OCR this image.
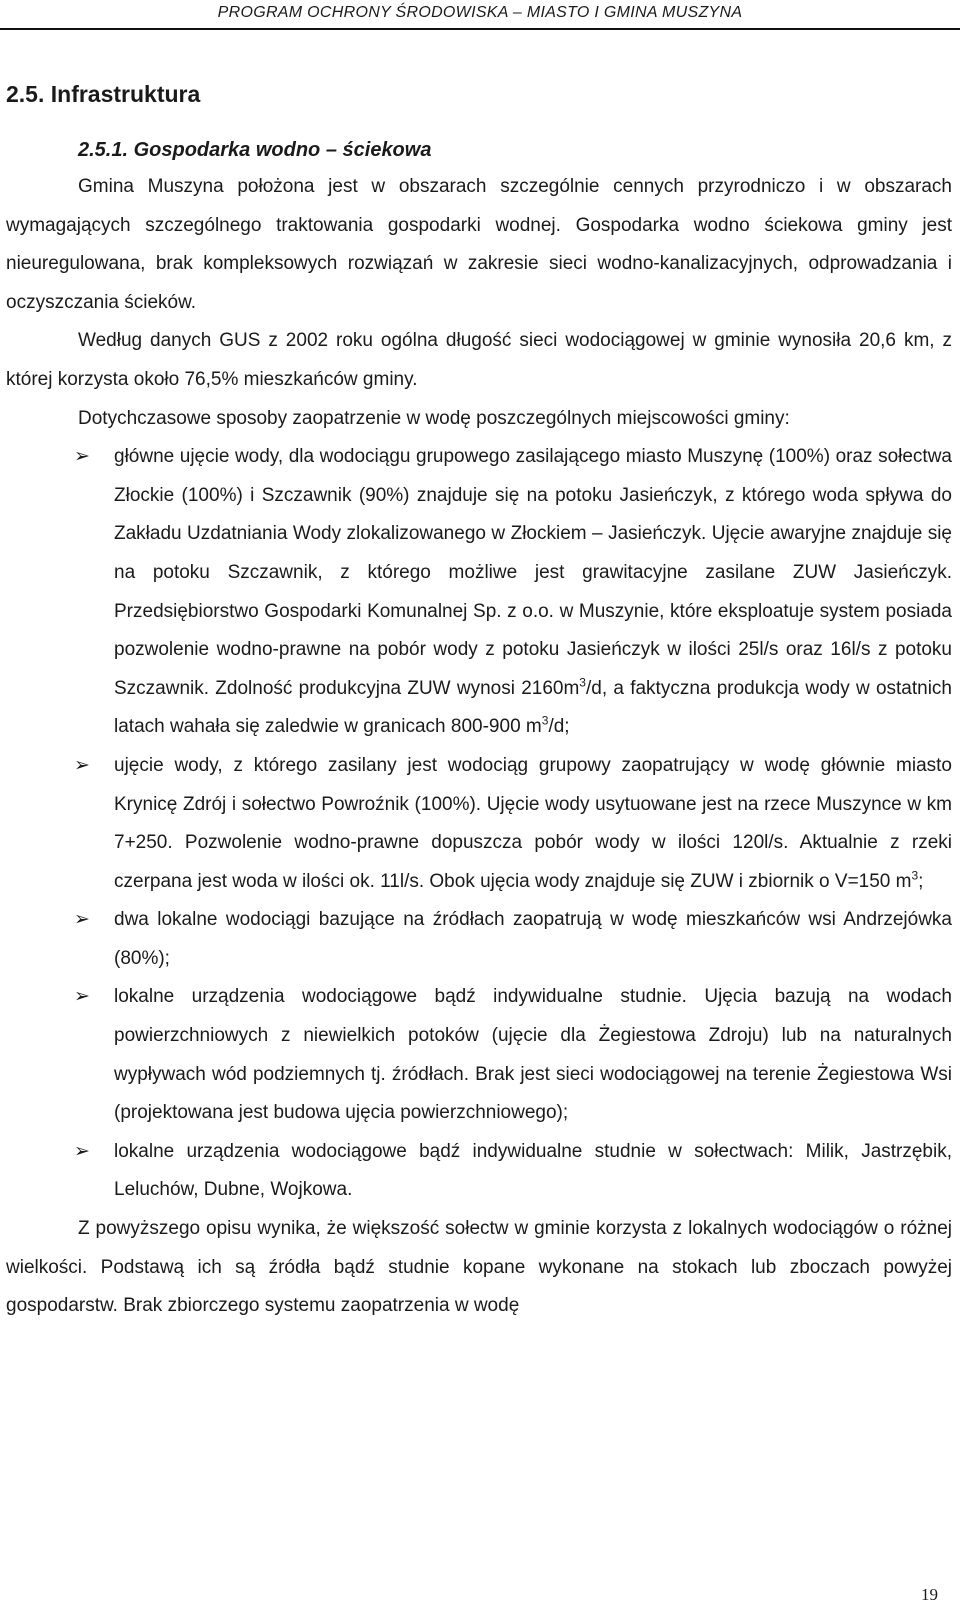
PROGRAM OCHRONY ŚRODOWISKA – MIASTO I GMINA MUSZYNA
2.5. Infrastruktura
2.5.1. Gospodarka wodno – ściekowa

Gmina Muszyna położona jest w obszarach szczególnie cennych przyrodniczo i w obszarach wymagających szczególnego traktowania gospodarki wodnej. Gospodarka wodno ściekowa gminy jest nieuregulowana, brak kompleksowych rozwiązań w zakresie sieci wodno-kanalizacyjnych, odprowadzania i oczyszczania ścieków.

Według danych GUS z 2002 roku ogólna długość sieci wodociągowej w gminie wynosiła 20,6 km, z której korzysta około 76,5% mieszkańców gminy.

Dotychczasowe sposoby zaopatrzenie w wodę poszczególnych miejscowości gminy:

➢ główne ujęcie wody, dla wodociągu grupowego zasilającego miasto Muszynę (100%) oraz sołectwa Złockie (100%) i Szczawnik (90%) znajduje się na potoku Jasieńczyk, z którego woda spływa do Zakładu Uzdatniania Wody zlokalizowanego w Złockiem – Jasieńczyk. Ujęcie awaryjne znajduje się na potoku Szczawnik, z którego możliwe jest grawitacyjne zasilane ZUW Jasieńczyk. Przedsiębiorstwo Gospodarki Komunalnej Sp. z o.o. w Muszynie, które eksploatuje system posiada pozwolenie wodno-prawne na pobór wody z potoku Jasieńczyk w ilości 25l/s oraz 16l/s z potoku Szczawnik. Zdolność produkcyjna ZUW wynosi $2160m^3/d$, a faktyczna produkcja wody w ostatnich latach wahała się zaledwie w granicach 800-900 $m^3/d$;
➢ ujęcie wody, z którego zasilany jest wodociąg grupowy zaopatrujący w wodę głównie miasto Krynicę Zdrój i sołectwo Powroźnik (100%). Ujęcie wody usytuowane jest na rzece Muszynce w km 7+250. Pozwolenie wodno-prawne dopuszcza pobór wody w ilości 120l/s. Aktualnie z rzeki czerpana jest woda w ilości ok. 11l/s. Obok ujęcia wody znajduje się ZUW i zbiornik o V=150 $m^3$;
➢ dwa lokalne wodociągi bazujące na źródłach zaopatrują w wodę mieszkańców wsi Andrzejówka (80%);
➢ lokalne urządzenia wodociągowe bądź indywidualne studnie. Ujęcia bazują na wodach powierzchniowych z niewielkich potoków (ujęcie dla Żegiestowa Zdroju) lub na naturalnych wypływach wód podziemnych tj. źródłach. Brak jest sieci wodociągowej na terenie Żegiestowa Wsi (projektowana jest budowa ujęcia powierzchniowego);
➢ lokalne urządzenia wodociągowe bądź indywidualne studnie w sołectwach: Milik, Jastrzębik, Leluchów, Dubne, Wojkowa.

Z powyższego opisu wynika, że większość sołectw w gminie korzysta z lokalnych wodociągów o różnej wielkości. Podstawą ich są źródła bądź studnie kopane wykonane na stokach lub zboczach powyżej gospodarstw. Brak zbiorczego systemu zaopatrzenia w wodę

19
